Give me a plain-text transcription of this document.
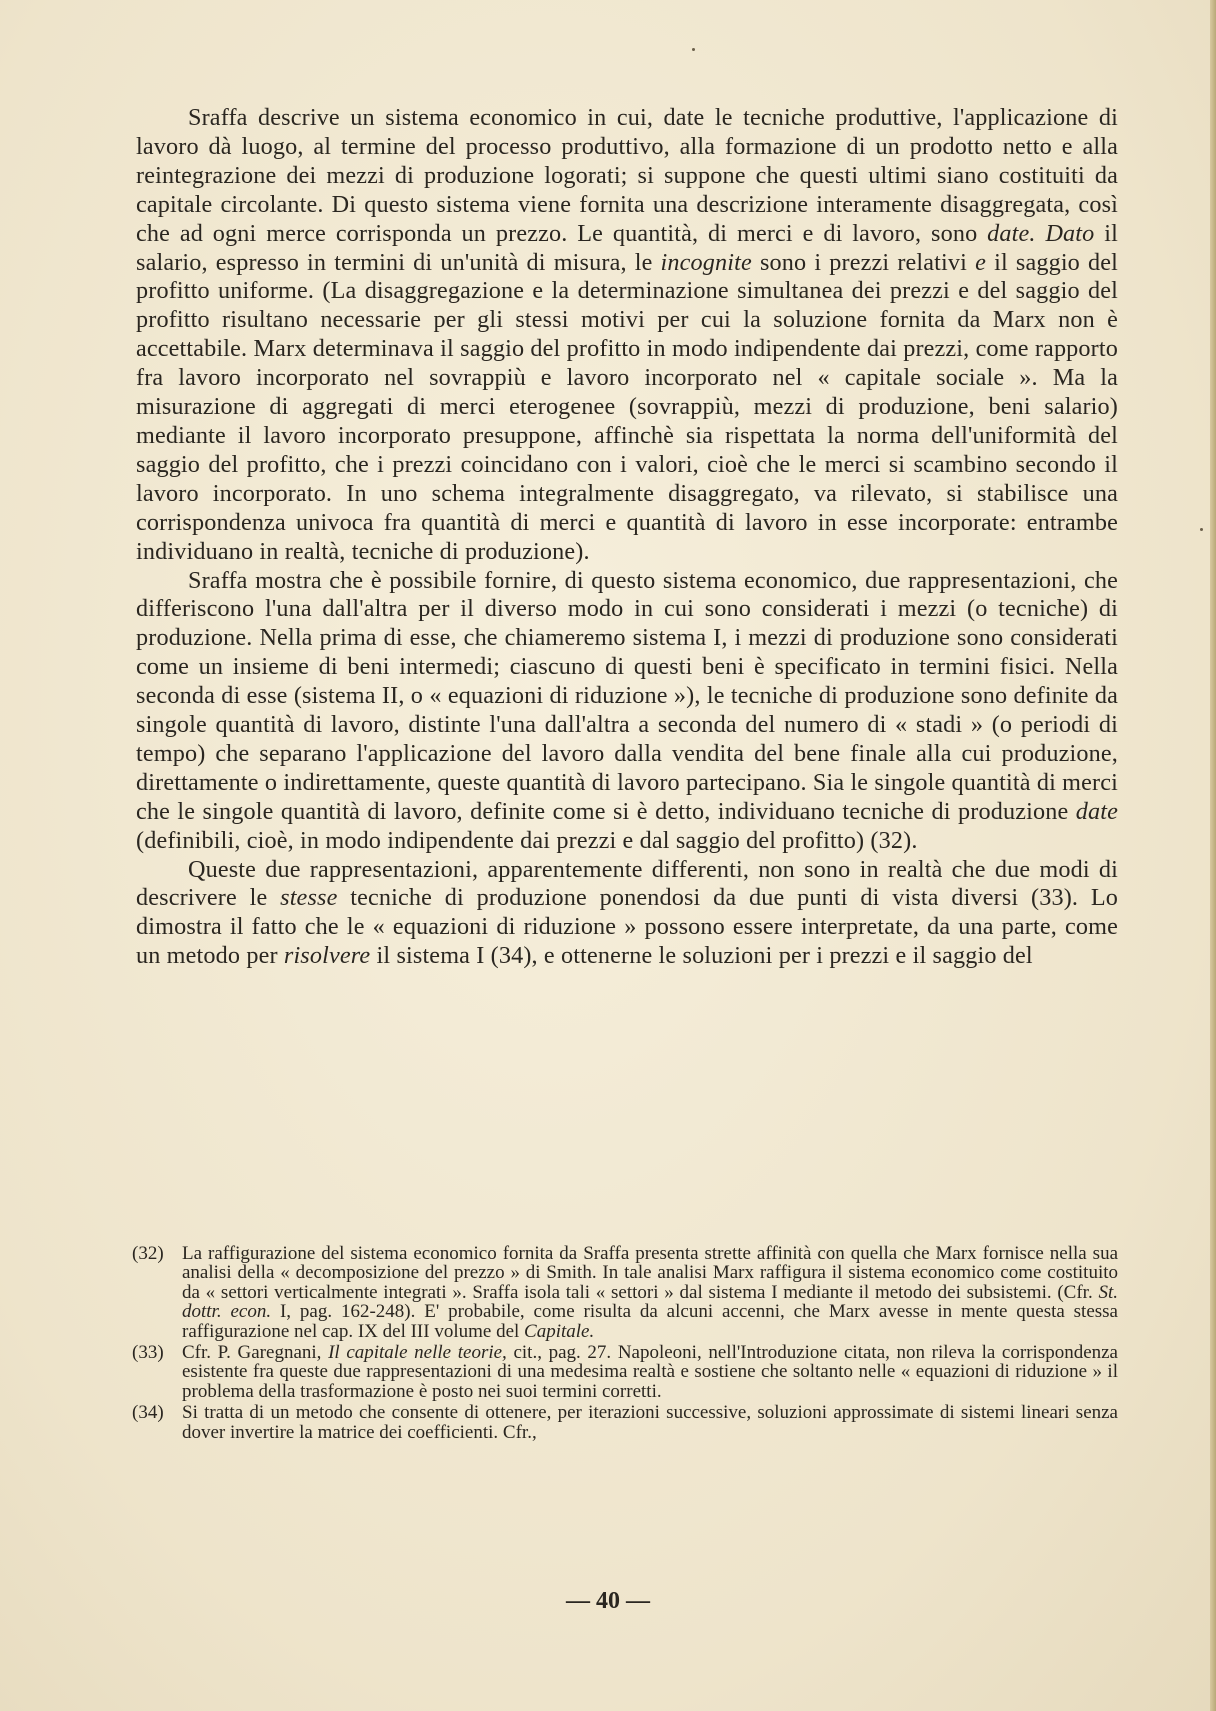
Sraffa descrive un sistema economico in cui, date le tecniche produttive, l'applicazione di lavoro dà luogo, al termine del processo produttivo, alla formazione di un prodotto netto e alla reintegrazione dei mezzi di produzione logorati; si suppone che questi ultimi siano costituiti da capitale circolante. Di questo sistema viene fornita una descrizione interamente disaggregata, così che ad ogni merce corrisponda un prezzo. Le quantità, di merci e di lavoro, sono date. Dato il salario, espresso in termini di un'unità di misura, le incognite sono i prezzi relativi e il saggio del profitto uniforme. (La disaggregazione e la determinazione simultanea dei prezzi e del saggio del profitto risultano necessarie per gli stessi motivi per cui la soluzione fornita da Marx non è accettabile. Marx determinava il saggio del profitto in modo indipendente dai prezzi, come rapporto fra lavoro incorporato nel sovrappiù e lavoro incorporato nel « capitale sociale ». Ma la misurazione di aggregati di merci eterogenee (sovrappiù, mezzi di produzione, beni salario) mediante il lavoro incorporato presuppone, affinchè sia rispettata la norma dell'uniformità del saggio del profitto, che i prezzi coincidano con i valori, cioè che le merci si scambino secondo il lavoro incorporato. In uno schema integralmente disaggregato, va rilevato, si stabilisce una corrispondenza univoca fra quantità di merci e quantità di lavoro in esse incorporate: entrambe individuano in realtà, tecniche di produzione).

Sraffa mostra che è possibile fornire, di questo sistema economico, due rappresentazioni, che differiscono l'una dall'altra per il diverso modo in cui sono considerati i mezzi (o tecniche) di produzione. Nella prima di esse, che chiameremo sistema I, i mezzi di produzione sono considerati come un insieme di beni intermedi; ciascuno di questi beni è specificato in termini fisici. Nella seconda di esse (sistema II, o « equazioni di riduzione »), le tecniche di produzione sono definite da singole quantità di lavoro, distinte l'una dall'altra a seconda del numero di « stadi » (o periodi di tempo) che separano l'applicazione del lavoro dalla vendita del bene finale alla cui produzione, direttamente o indirettamente, queste quantità di lavoro partecipano. Sia le singole quantità di merci che le singole quantità di lavoro, definite come si è detto, individuano tecniche di produzione date (definibili, cioè, in modo indipendente dai prezzi e dal saggio del profitto) (32).

Queste due rappresentazioni, apparentemente differenti, non sono in realtà che due modi di descrivere le stesse tecniche di produzione ponendosi da due punti di vista diversi (33). Lo dimostra il fatto che le « equazioni di riduzione » possono essere interpretate, da una parte, come un metodo per risolvere il sistema I (34), e ottenerne le soluzioni per i prezzi e il saggio del

(32) La raffigurazione del sistema economico fornita da Sraffa presenta strette affinità con quella che Marx fornisce nella sua analisi della « decomposizione del prezzo » di Smith. In tale analisi Marx raffigura il sistema economico come costituito da « settori verticalmente integrati ». Sraffa isola tali « settori » dal sistema I mediante il metodo dei subsistemi. (Cfr. St. dottr. econ. I, pag. 162-248). E' probabile, come risulta da alcuni accenni, che Marx avesse in mente questa stessa raffigurazione nel cap. IX del III volume del Capitale.
(33) Cfr. P. Garegnani, Il capitale nelle teorie, cit., pag. 27. Napoleoni, nell'Introduzione citata, non rileva la corrispondenza esistente fra queste due rappresentazioni di una medesima realtà e sostiene che soltanto nelle « equazioni di riduzione » il problema della trasformazione è posto nei suoi termini corretti.
(34) Si tratta di un metodo che consente di ottenere, per iterazioni successive, soluzioni approssimate di sistemi lineari senza dover invertire la matrice dei coefficienti. Cfr.,
— 40 —
